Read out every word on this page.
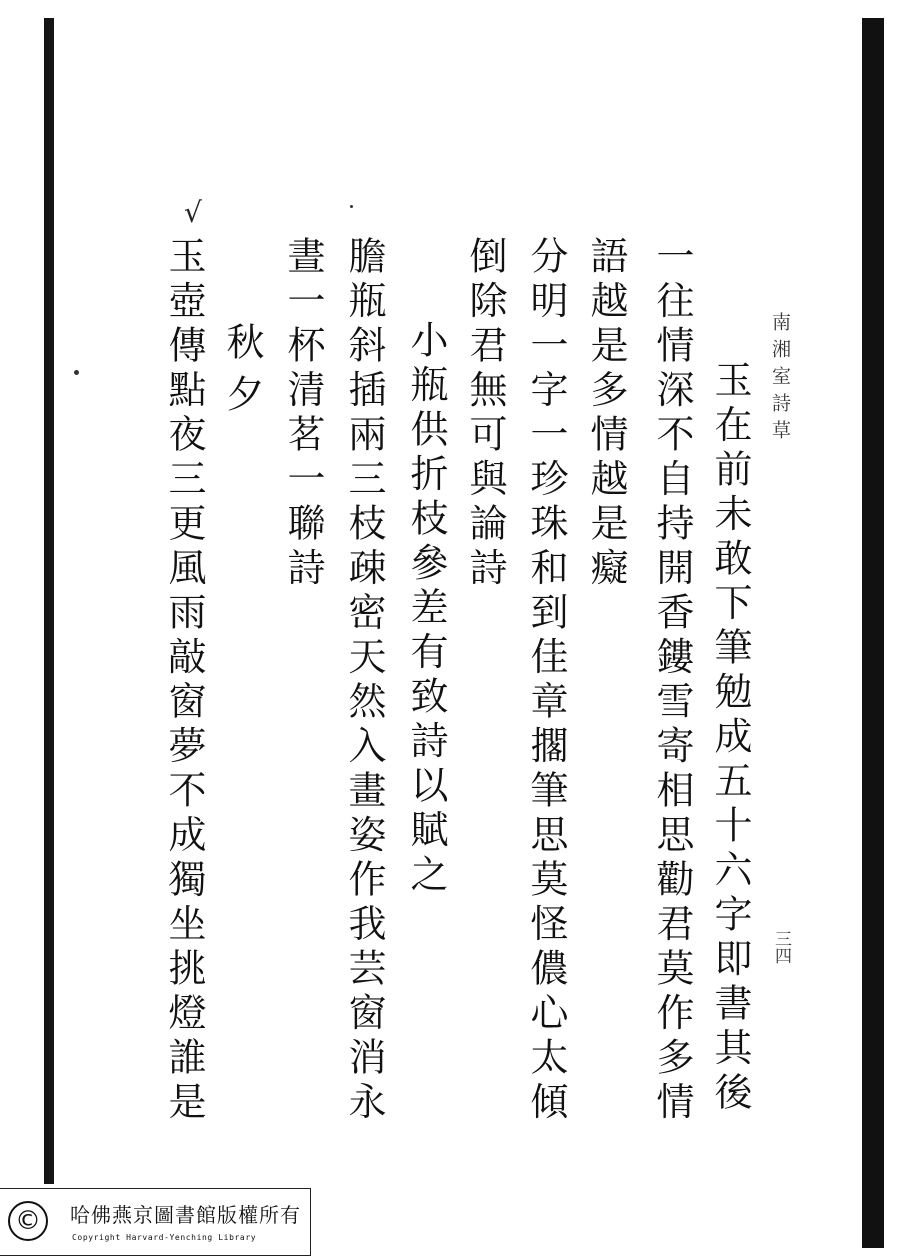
南湘室詩草
三四
玉在前未敢下筆勉成五十六字即書其後
一往情深不自持開香鏤雪寄相思勸君莫作多情
語越是多情越是癡
分明一字一珍珠和到佳章擱筆思莫怪儂心太傾
倒除君無可與論詩
小瓶供折枝參差有致詩以賦之
膽瓶斜插兩三枝疎密天然入畫姿作我芸窗消永
晝一杯清茗一聯詩
秋夕
玉壺傳點夜三更風雨敲窗夢不成獨坐挑燈誰是
√
©	哈佛燕京圖書館版權所有
Copyright Harvard-Yenching Library
